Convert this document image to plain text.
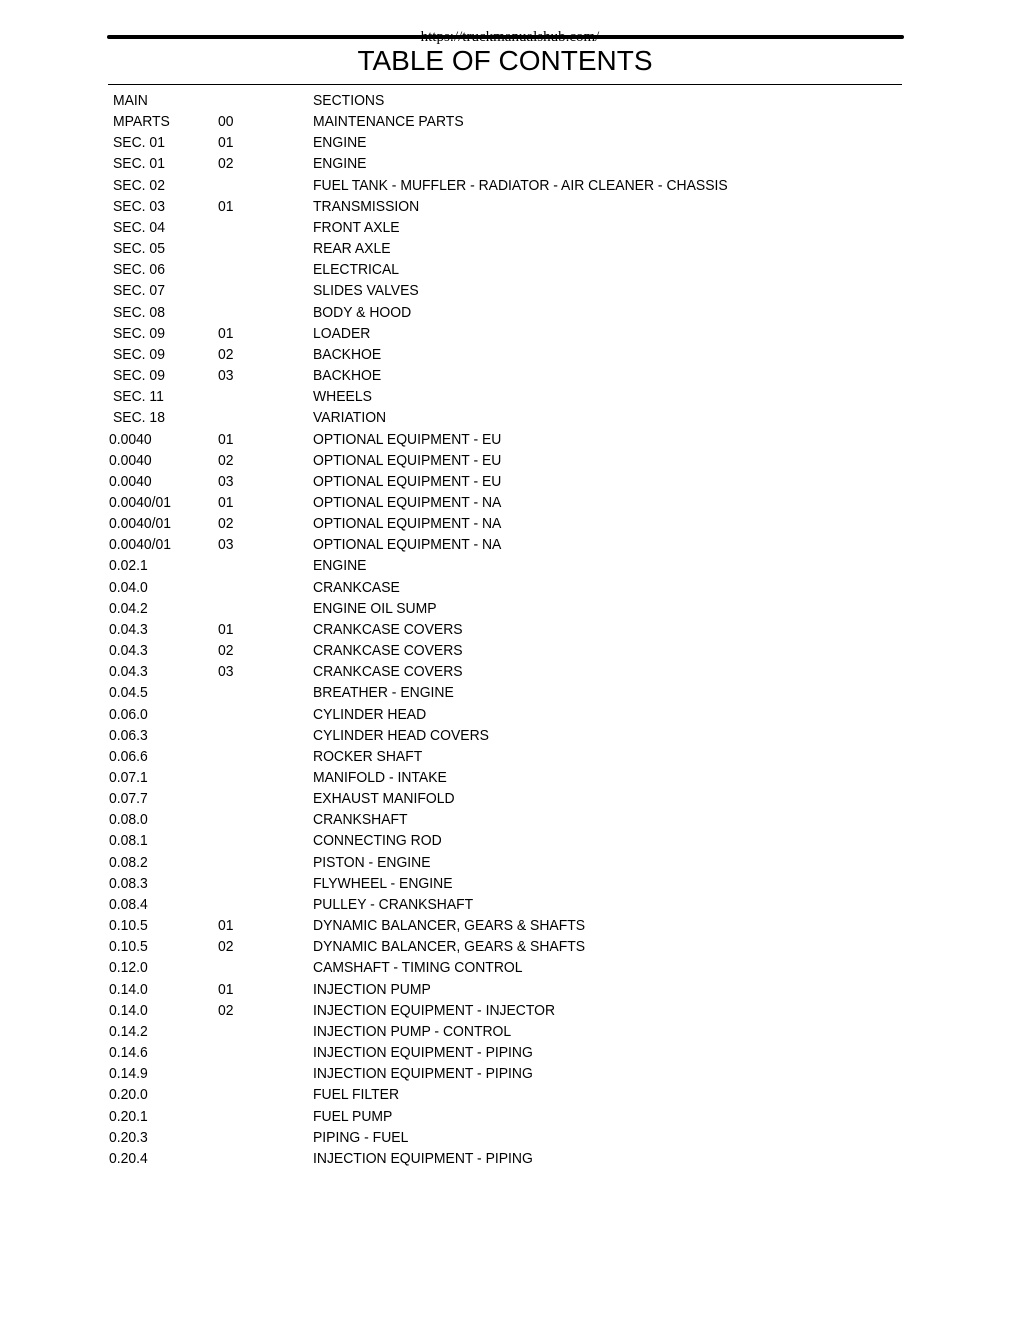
https://truckmanualshub.com/
TABLE OF CONTENTS
MAIN	SECTIONS
MPARTS	00	MAINTENANCE PARTS
SEC. 01	01	ENGINE
SEC. 01	02	ENGINE
SEC. 02	FUEL TANK - MUFFLER - RADIATOR - AIR CLEANER - CHASSIS
SEC. 03	01	TRANSMISSION
SEC. 04	FRONT AXLE
SEC. 05	REAR AXLE
SEC. 06	ELECTRICAL
SEC. 07	SLIDES VALVES
SEC. 08	BODY & HOOD
SEC. 09	01	LOADER
SEC. 09	02	BACKHOE
SEC. 09	03	BACKHOE
SEC. 11	WHEELS
SEC. 18	VARIATION
0.0040	01	OPTIONAL EQUIPMENT - EU
0.0040	02	OPTIONAL EQUIPMENT - EU
0.0040	03	OPTIONAL EQUIPMENT - EU
0.0040/01	01	OPTIONAL EQUIPMENT - NA
0.0040/01	02	OPTIONAL EQUIPMENT - NA
0.0040/01	03	OPTIONAL EQUIPMENT - NA
0.02.1	ENGINE
0.04.0	CRANKCASE
0.04.2	ENGINE OIL SUMP
0.04.3	01	CRANKCASE COVERS
0.04.3	02	CRANKCASE COVERS
0.04.3	03	CRANKCASE COVERS
0.04.5	BREATHER - ENGINE
0.06.0	CYLINDER HEAD
0.06.3	CYLINDER HEAD COVERS
0.06.6	ROCKER SHAFT
0.07.1	MANIFOLD - INTAKE
0.07.7	EXHAUST MANIFOLD
0.08.0	CRANKSHAFT
0.08.1	CONNECTING ROD
0.08.2	PISTON - ENGINE
0.08.3	FLYWHEEL - ENGINE
0.08.4	PULLEY - CRANKSHAFT
0.10.5	01	DYNAMIC BALANCER, GEARS & SHAFTS
0.10.5	02	DYNAMIC BALANCER, GEARS & SHAFTS
0.12.0	CAMSHAFT - TIMING CONTROL
0.14.0	01	INJECTION PUMP
0.14.0	02	INJECTION EQUIPMENT - INJECTOR
0.14.2	INJECTION PUMP - CONTROL
0.14.6	INJECTION EQUIPMENT - PIPING
0.14.9	INJECTION EQUIPMENT - PIPING
0.20.0	FUEL FILTER
0.20.1	FUEL PUMP
0.20.3	PIPING - FUEL
0.20.4	INJECTION EQUIPMENT - PIPING
